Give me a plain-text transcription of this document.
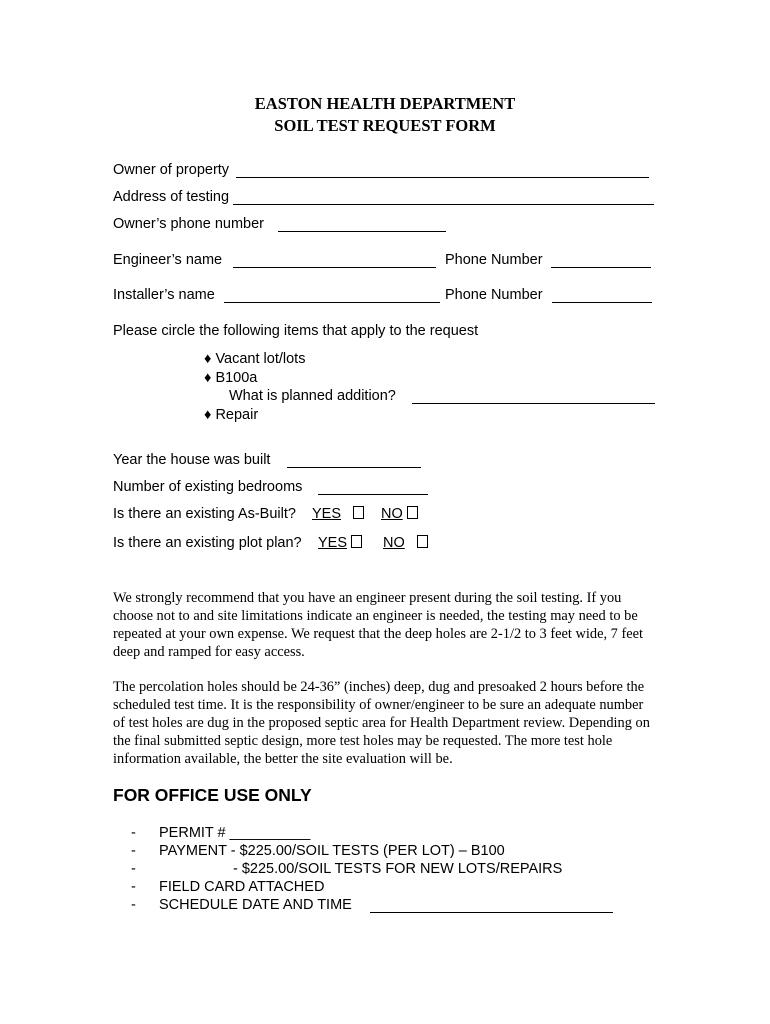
EASTON HEALTH DEPARTMENT
SOIL TEST REQUEST FORM
Owner of property
Address of testing
Owner’s phone number
Engineer’s name	Phone Number
Installer’s name	Phone Number
Please circle the following items that apply to the request
♦ Vacant lot/lots
♦ B100a
What is planned addition?
♦ Repair
Year the house was built
Number of existing bedrooms
Is there an existing As-Built? YES	NO
Is there an existing plot plan? YES	NO

We strongly recommend that you have an engineer present during the soil testing. If you choose not to and site limitations indicate an engineer is needed, the testing may need to be repeated at your own expense. We request that the deep holes are 2-1/2 to 3 feet wide, 7 feet deep and ramped for easy access.

The percolation holes should be 24-36” (inches) deep, dug and presoaked 2 hours before the scheduled test time. It is the responsibility of owner/engineer to be sure an adequate number of test holes are dug in the proposed septic area for Health Department review. Depending on the final submitted septic design, more test holes may be requested. The more test hole information available, the better the site evaluation will be.

FOR OFFICE USE ONLY
- PERMIT # __________
- PAYMENT - $225.00/SOIL TESTS (PER LOT) – B100
-	- $225.00/SOIL TESTS FOR NEW LOTS/REPAIRS
- FIELD CARD ATTACHED
- SCHEDULE DATE AND TIME
